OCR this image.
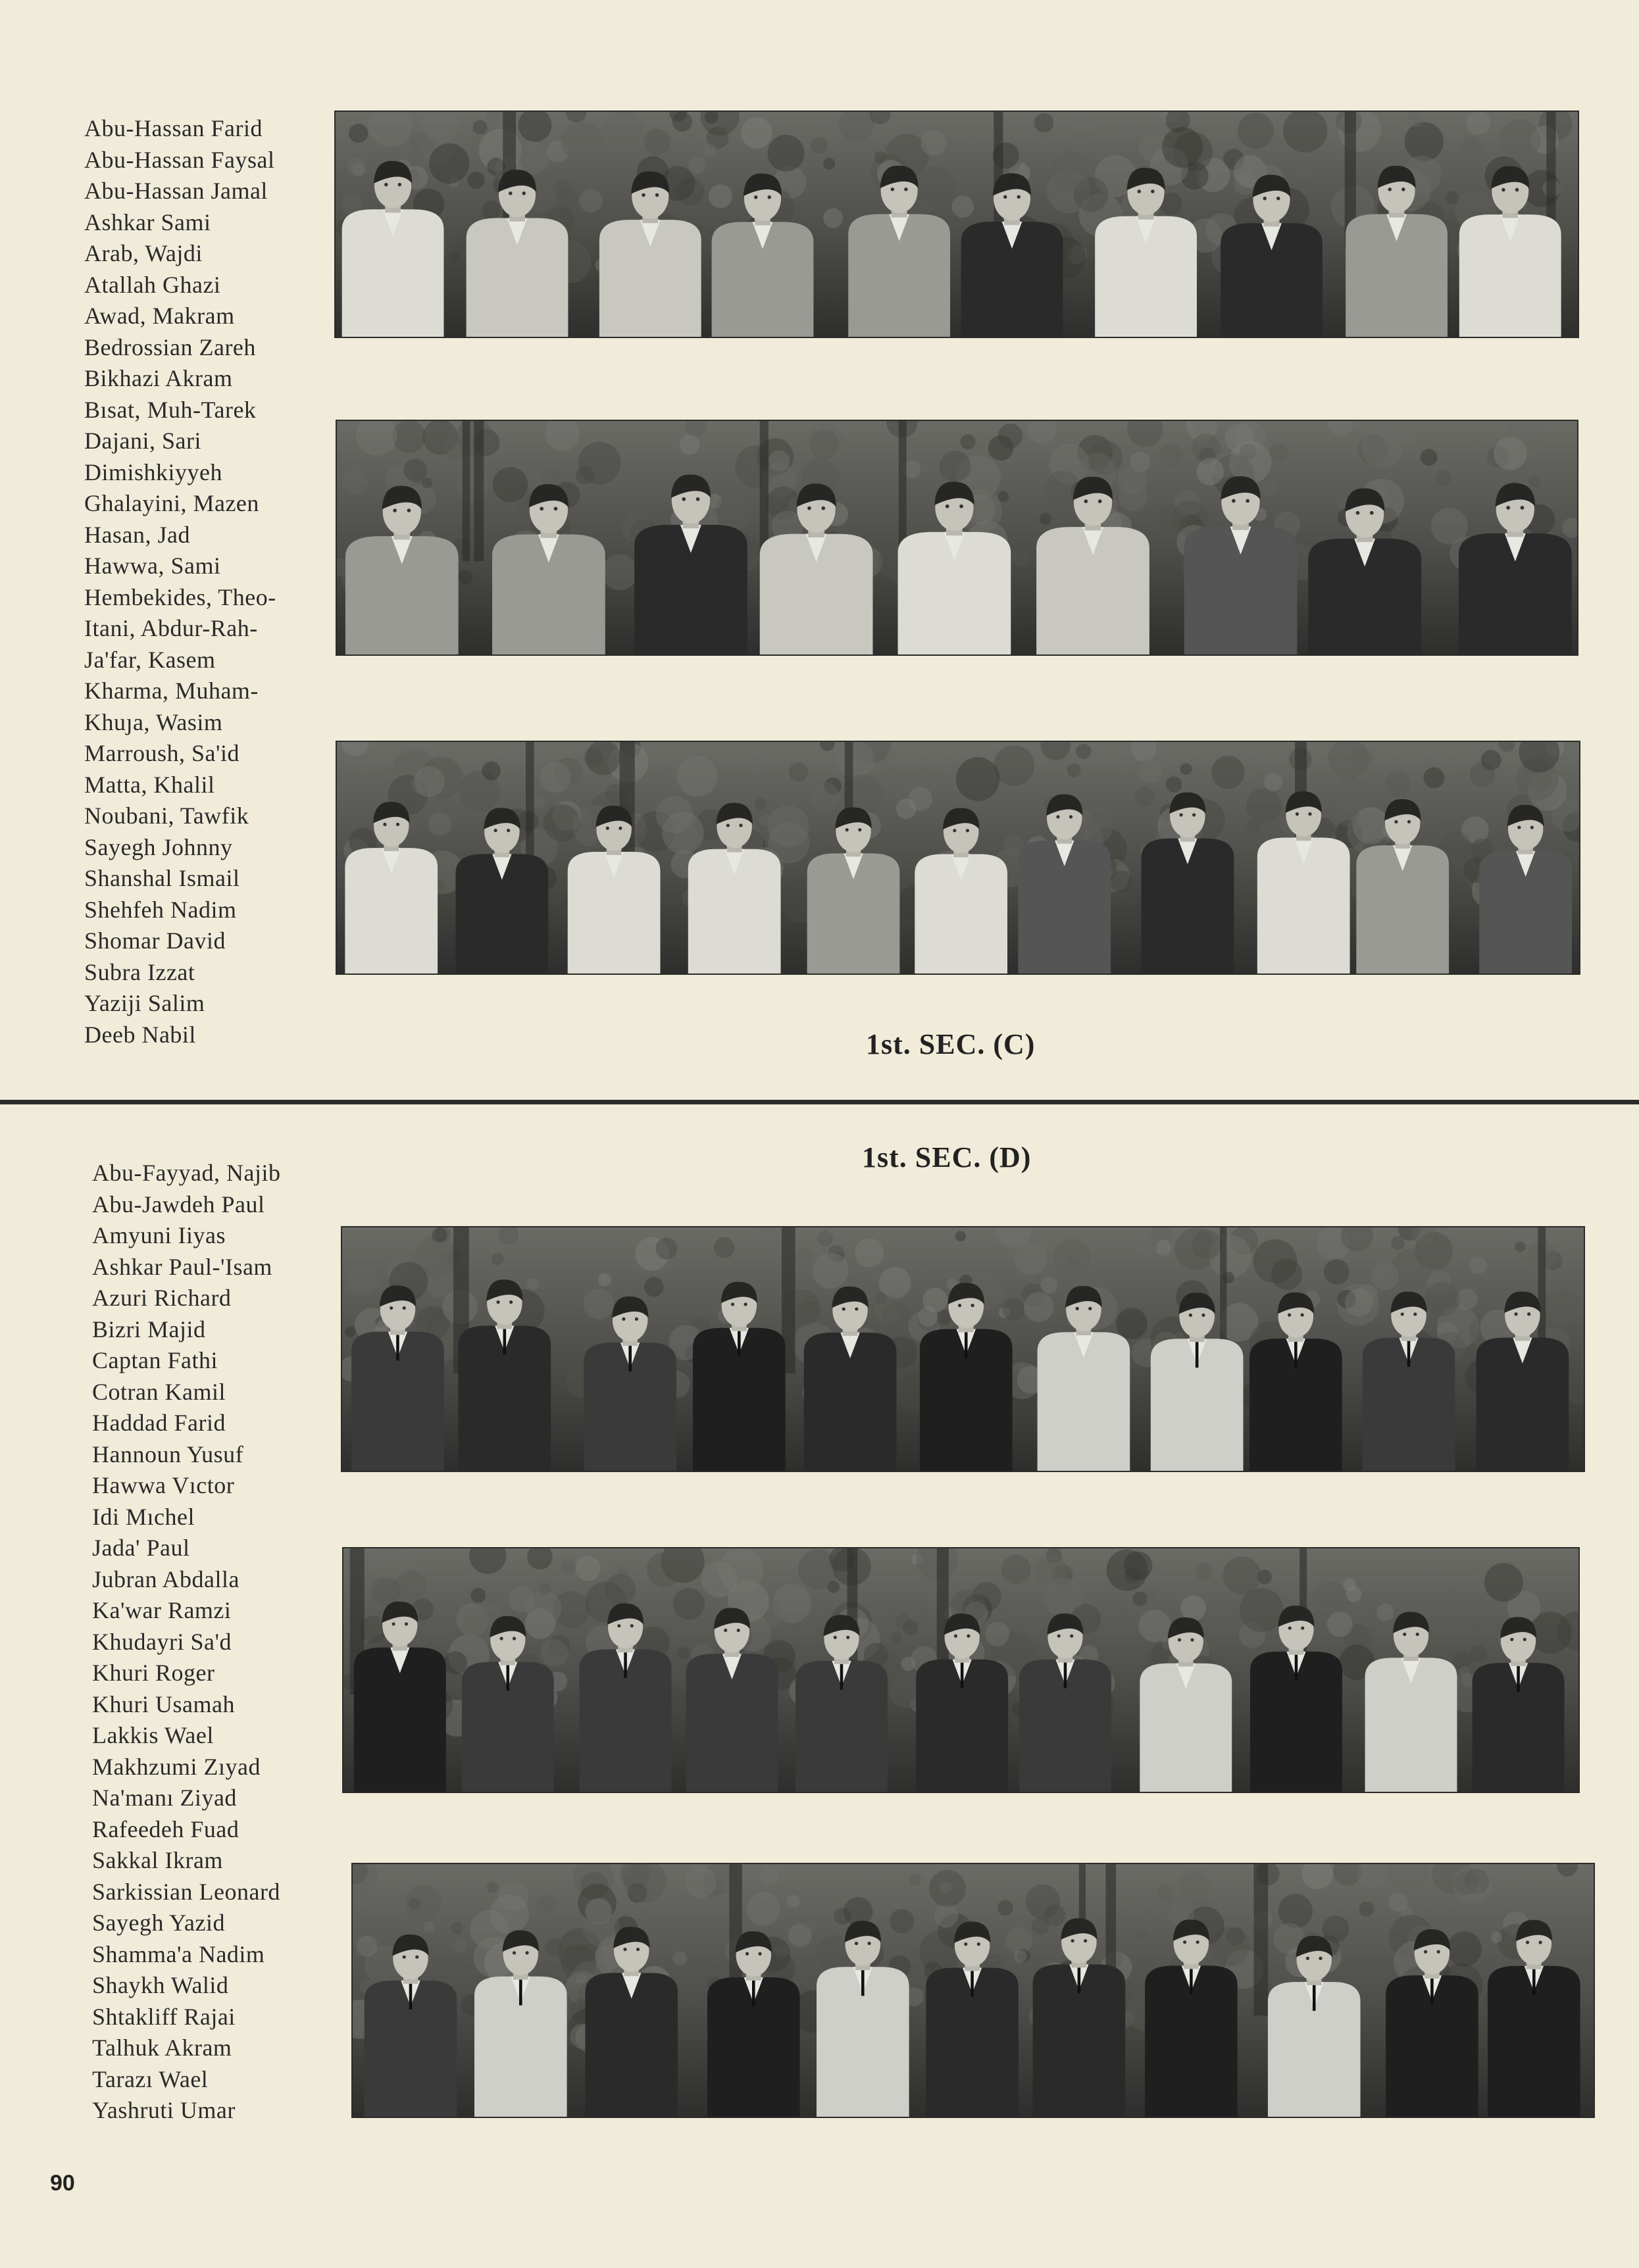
Abu-Hassan Farid
Abu-Hassan Faysal
Abu-Hassan Jamal
Ashkar Sami
Arab, Wajdi
Atallah Ghazi
Awad, Makram
Bedrossian Zareh
Bikhazi Akram
Bısat, Muh-Tarek
Dajani, Sari
Dimishkiyyeh
Ghalayini, Mazen
Hasan, Jad
Hawwa, Sami
Hembekides, Theo-
Itani, Abdur-Rah-
Ja'far, Kasem
Kharma, Muham-
Khuȷa, Wasim
Marroush, Sa'id
Matta, Khalil
Noubani, Tawfik
Sayegh Johnny
Shanshal Ismail
Shehfeh Nadim
Shomar David
Subra Izzat
Yaziji Salim
Deeb Nabil	1st. SEC. (C)
1st. SEC. (D)
Abu-Fayyad, Najib
Abu-Jawdeh Paul
Amyuni Iiyas
Ashkar Paul-'Isam
Azuri Richard
Bizri Majid
Captan Fathi
Cotran Kamil
Haddad Farid
Hannoun Yusuf
Hawwa Vıctor
Idi Mıchel
Jada' Paul
Jubran Abdalla
Ka'war Ramzi
Khudayri Sa'd
Khuri Roger
Khuri Usamah
Lakkis Wael
Makhzumi Zıyad
Na'manı Ziyad
Rafeedeh Fuad
Sakkal Ikram
Sarkissian Leonard
Sayegh Yazid
Shamma'a Nadim
Shaykh Walid
Shtakliff Rajai
Talhuk Akram
Tarazı Wael
Yashruti Umar
90
